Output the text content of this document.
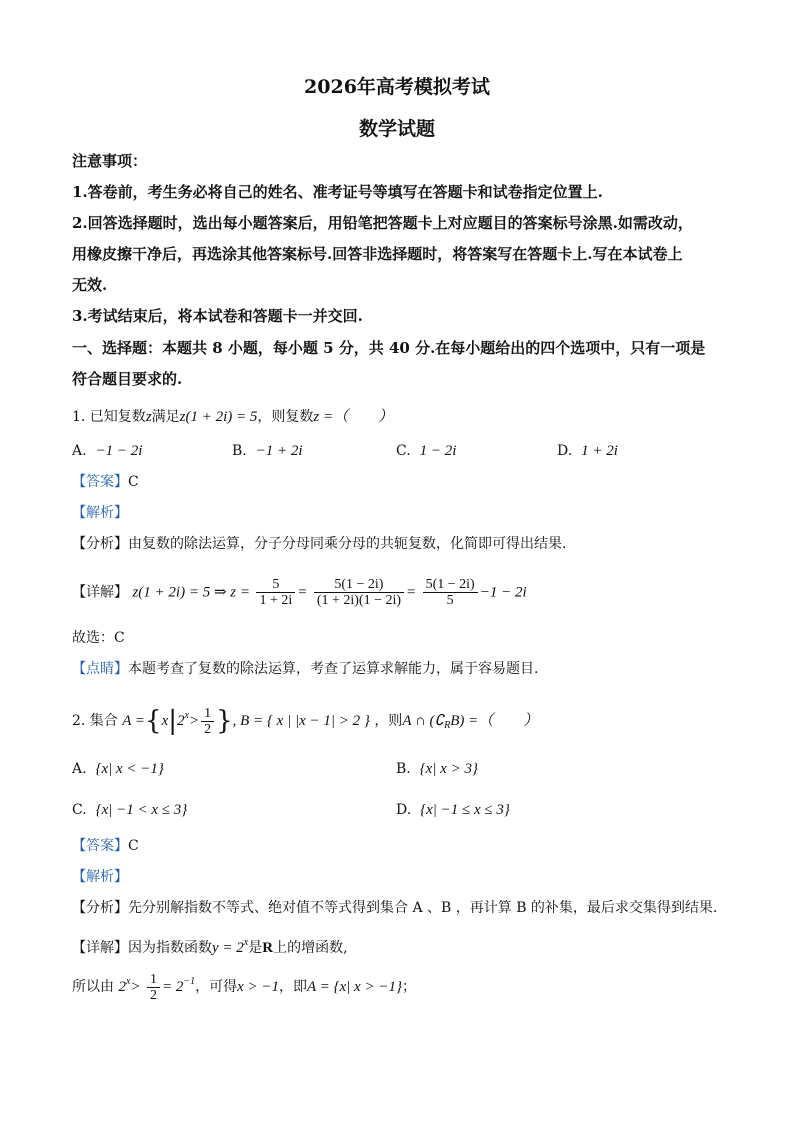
2026年高考模拟考试
数学试题
注意事项：
1.答卷前，考生务必将自己的姓名、准考证号等填写在答题卡和试卷指定位置上.
2.回答选择题时，选出每小题答案后，用铅笔把答题卡上对应题目的答案标号涂黑.如需改动，
用橡皮擦干净后，再选涂其他答案标号.回答非选择题时，将答案写在答题卡上.写在本试卷上
无效.
3.考试结束后，将本试卷和答题卡一并交回.
一、选择题：本题共 8 小题，每小题 5 分，共 40 分.在每小题给出的四个选项中，只有一项是
符合题目要求的.
1. 已知复数z满足z(1 + 2i) = 5，则复数z =（　　）
A. −1 − 2i	B. −1 + 2i	C. 1 − 2i	D. 1 + 2i
【答案】C
【解析】
【分析】由复数的除法运算，分子分母同乘分母的共轭复数，化简即可得出结果.
【详解】 z(1 + 2i) = 5 ⇒ $z = \frac{5}{1 + 2i} = \frac{5(1 - 2i)}{(1 + 2i)(1 - 2i)} = \frac{5(1 - 2i)}{5} -1 - 2i$
故选：C
【点睛】本题考查了复数的除法运算，考查了运算求解能力，属于容易题目.
2. 集合 $A =\{x|2^x> \frac{1}{2}$ }, B = { x | |x − 1| > 2 } ，则A ∩ $(∁_RB)$ =（　　）
A. {x| x < −1}	B. {x| x > 3}
C. {x| −1 < x ≤ 3}	D. {x| −1 ≤ x ≤ 3}
【答案】C
【解析】
【分析】先分别解指数不等式、绝对值不等式得到集合 A 、B ，再计算 B 的补集，最后求交集得到结果.
【详解】因为指数函数$y = 2^x$是R上的增函数,
所以由 $2^x> \frac{1}{2} = 2^{-1}$，可得x > −1，即A = {x| x > −1}；
